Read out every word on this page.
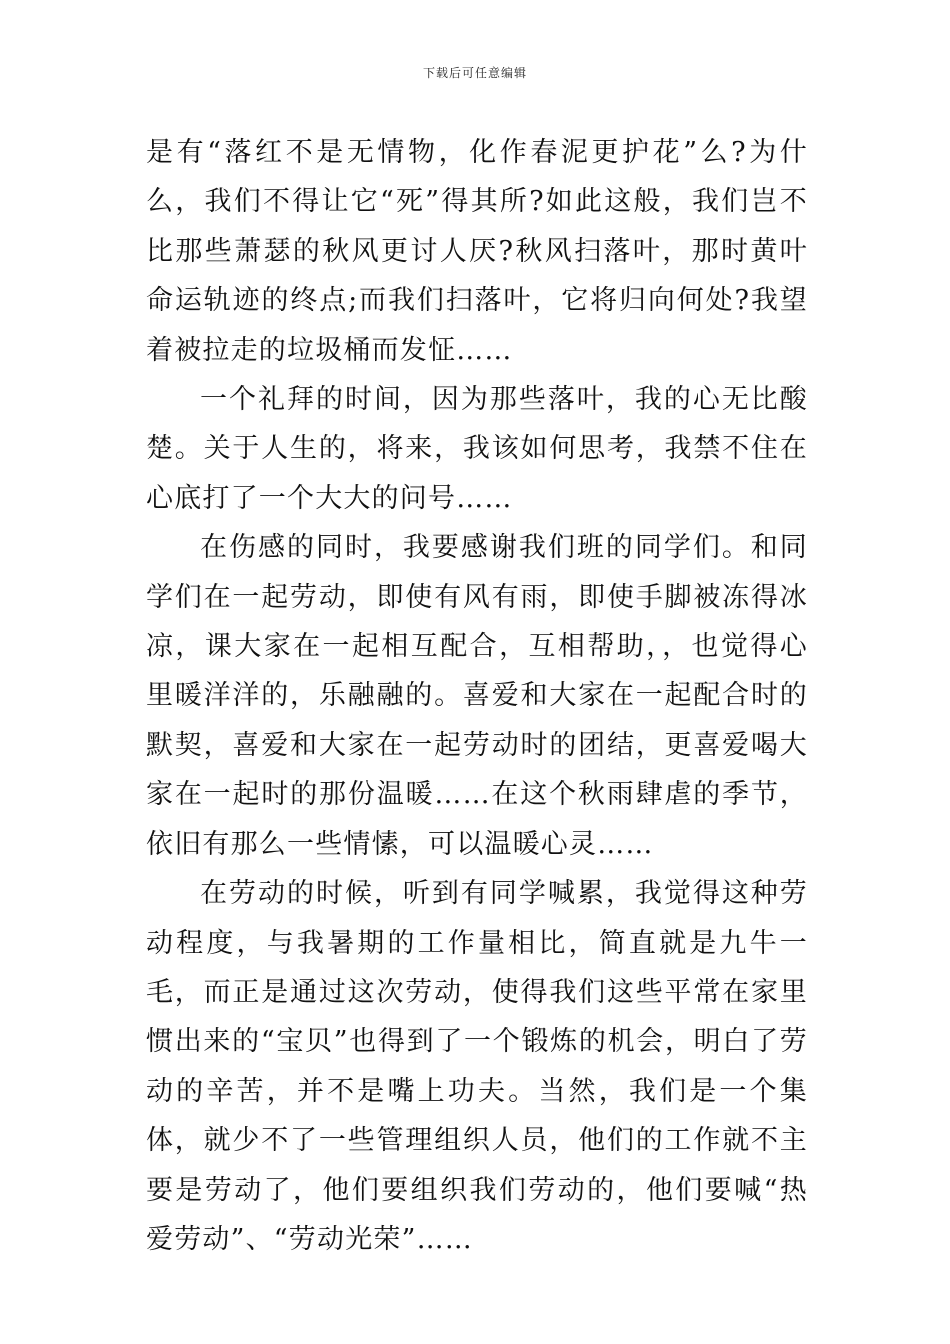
下载后可任意编辑

是有“落红不是无情物，化作春泥更护花”么?为什么，我们不得让它“死”得其所?如此这般，我们岂不比那些萧瑟的秋风更讨人厌?秋风扫落叶，那时黄叶命运轨迹的终点;而我们扫落叶，它将归向何处?我望着被拉走的垃圾桶而发怔……

一个礼拜的时间，因为那些落叶，我的心无比酸楚。关于人生的，将来，我该如何思考，我禁不住在心底打了一个大大的问号……

在伤感的同时，我要感谢我们班的同学们。和同学们在一起劳动，即使有风有雨，即使手脚被冻得冰凉，课大家在一起相互配合，互相帮助，，也觉得心里暖洋洋的，乐融融的。喜爱和大家在一起配合时的默契，喜爱和大家在一起劳动时的团结，更喜爱喝大家在一起时的那份温暖……在这个秋雨肆虐的季节，依旧有那么一些情愫，可以温暖心灵……

在劳动的时候，听到有同学喊累，我觉得这种劳动程度，与我暑期的工作量相比，简直就是九牛一毛，而正是通过这次劳动，使得我们这些平常在家里惯出来的“宝贝”也得到了一个锻炼的机会，明白了劳动的辛苦，并不是嘴上功夫。当然，我们是一个集体，就少不了一些管理组织人员，他们的工作就不主要是劳动了，他们要组织我们劳动的，他们要喊“热爱劳动”、“劳动光荣”……
